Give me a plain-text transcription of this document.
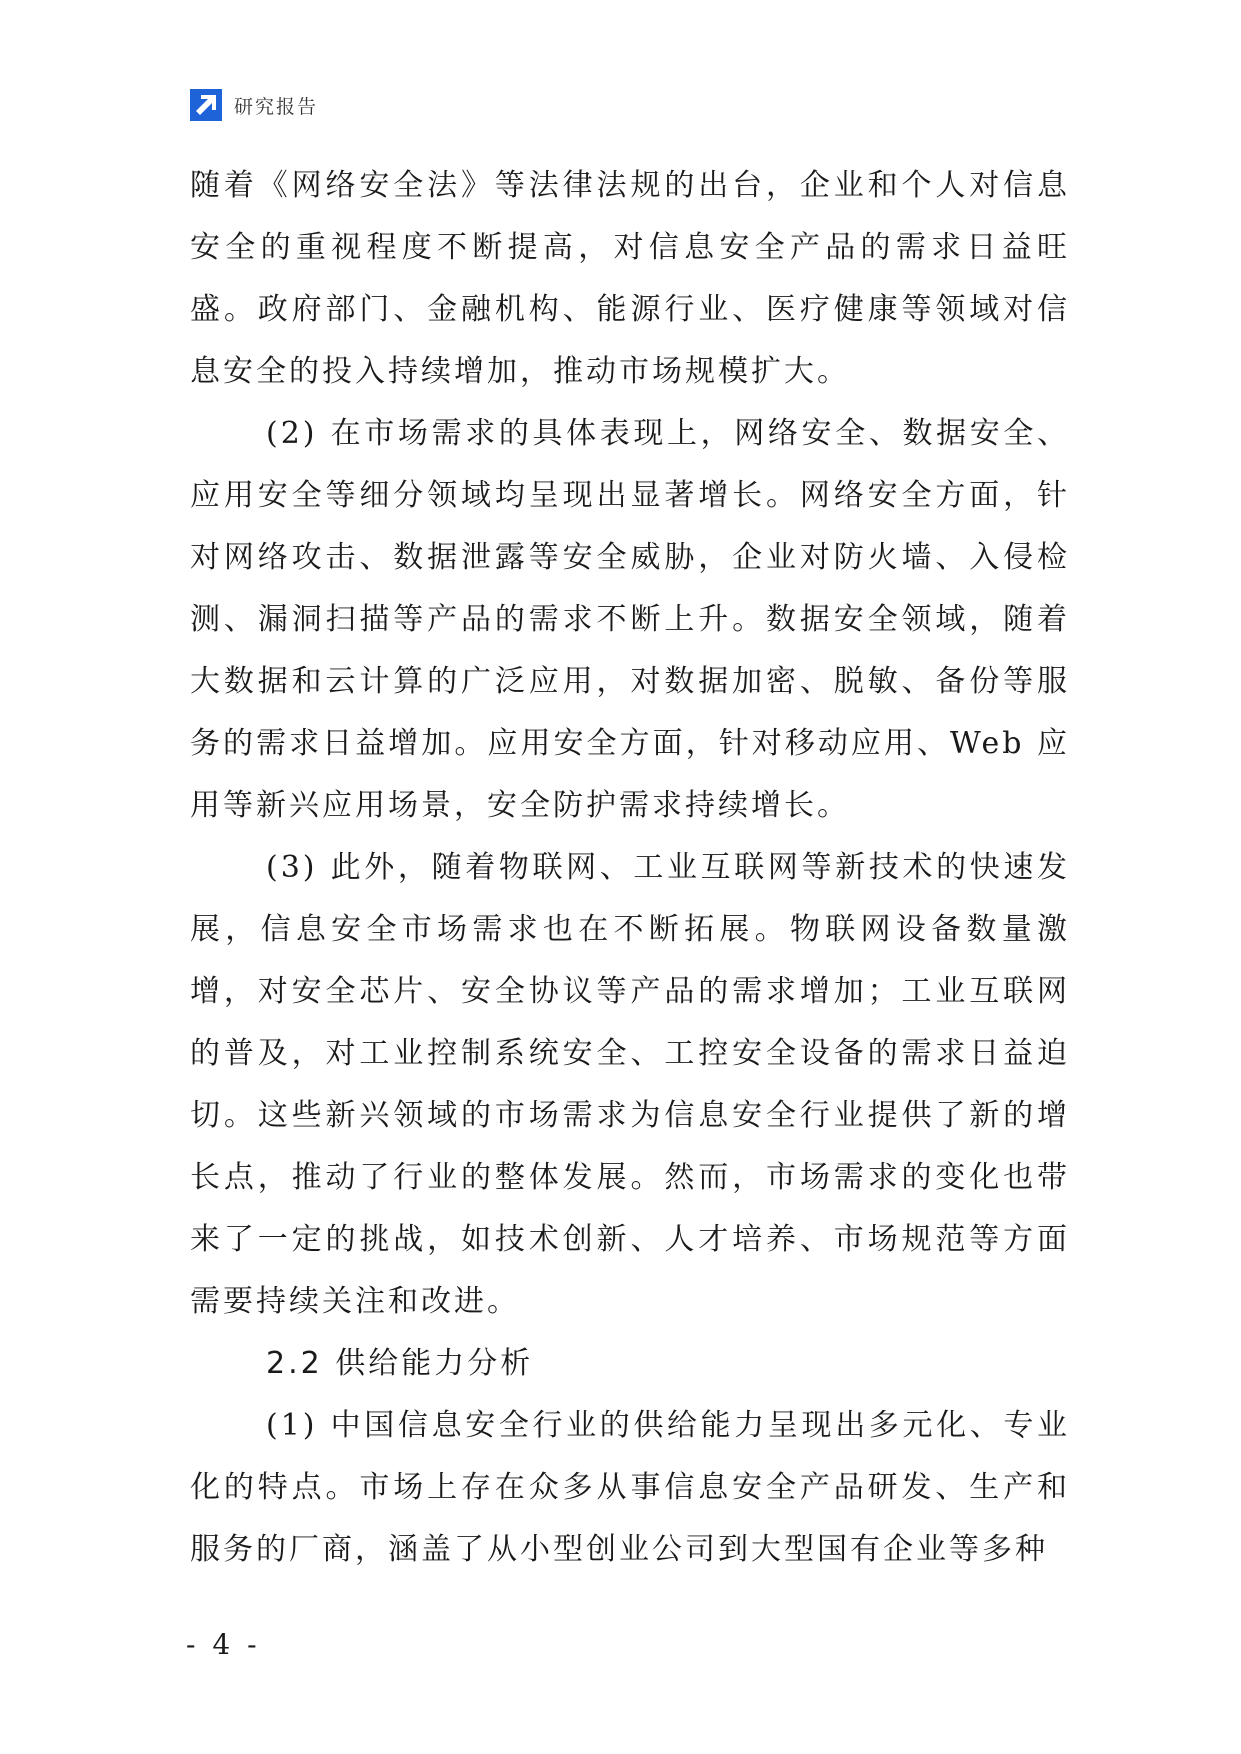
研究报告

随着《网络安全法》等法律法规的出台，企业和个人对信息安全的重视程度不断提高，对信息安全产品的需求日益旺盛。政府部门、金融机构、能源行业、医疗健康等领域对信息安全的投入持续增加，推动市场规模扩大。

(2) 在市场需求的具体表现上，网络安全、数据安全、应用安全等细分领域均呈现出显著增长。网络安全方面，针对网络攻击、数据泄露等安全威胁，企业对防火墙、入侵检测、漏洞扫描等产品的需求不断上升。数据安全领域，随着大数据和云计算的广泛应用，对数据加密、脱敏、备份等服务的需求日益增加。应用安全方面，针对移动应用、Web 应用等新兴应用场景，安全防护需求持续增长。

(3) 此外，随着物联网、工业互联网等新技术的快速发展，信息安全市场需求也在不断拓展。物联网设备数量激增，对安全芯片、安全协议等产品的需求增加；工业互联网的普及，对工业控制系统安全、工控安全设备的需求日益迫切。这些新兴领域的市场需求为信息安全行业提供了新的增长点，推动了行业的整体发展。然而，市场需求的变化也带来了一定的挑战，如技术创新、人才培养、市场规范等方面需要持续关注和改进。

2.2 供给能力分析

(1) 中国信息安全行业的供给能力呈现出多元化、专业化的特点。市场上存在众多从事信息安全产品研发、生产和服务的厂商，涵盖了从小型创业公司到大型国有企业等多种

- 4 -
